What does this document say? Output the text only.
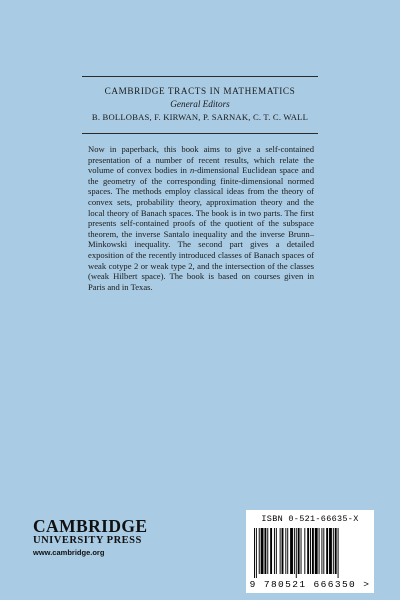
CAMBRIDGE TRACTS IN MATHEMATICS
General Editors
B. BOLLOBAS, F. KIRWAN, P. SARNAK, C. T. C. WALL

Now in paperback, this book aims to give a self-contained presentation of a number of recent results, which relate the volume of convex bodies in n-dimensional Euclidean space and the geometry of the corresponding finite-dimensional normed spaces. The methods employ classical ideas from the theory of convex sets, probability theory, approximation theory and the local theory of Banach spaces. The book is in two parts. The first presents self-contained proofs of the quotient of the subspace theorem, the inverse Santalo inequality and the inverse Brunn–Minkowski inequality. The second part gives a detailed exposition of the recently introduced classes of Banach spaces of weak cotype 2 or weak type 2, and the intersection of the classes (weak Hilbert space). The book is based on courses given in Paris and in Texas.

CAMBRIDGE
UNIVERSITY PRESS
www.cambridge.org
ISBN 0-521-66635-X
9 780521 666350 >
